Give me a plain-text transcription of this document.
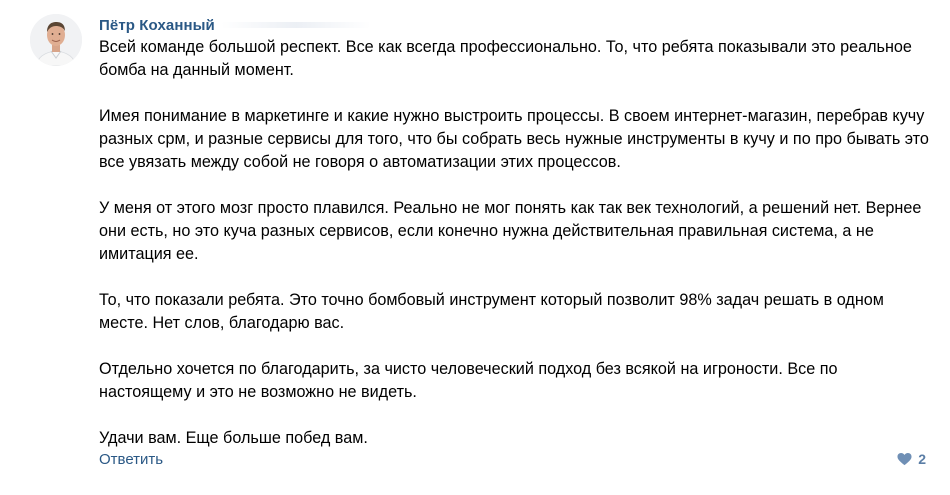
Пётр Коханный

Всей команде большой респект. Все как всегда профессионально. То, что ребята показывали это реальное бомба на данный момент.

Имея понимание в маркетинге и какие нужно выстроить процессы. В своем интернет-магазин, перебрав кучу разных срм, и разные сервисы для того, что бы собрать весь нужные инструменты в кучу и по про бывать это все увязать между собой не говоря о автоматизации этих процессов.

У меня от этого мозг просто плавился. Реально не мог понять как так век технологий, а решений нет. Вернее они есть, но это куча разных сервисов, если конечно нужна действительная правильная система, а не имитация ее.

То, что показали ребята. Это точно бомбовый инструмент который позволит 98% задач решать в одном месте. Нет слов, благодарю вас.

Отдельно хочется по благодарить, за чисто человеческий подход без всякой на игроности. Все по настоящему и это не возможно не видеть.

Удачи вам. Еще больше побед вам.

Ответить	2
